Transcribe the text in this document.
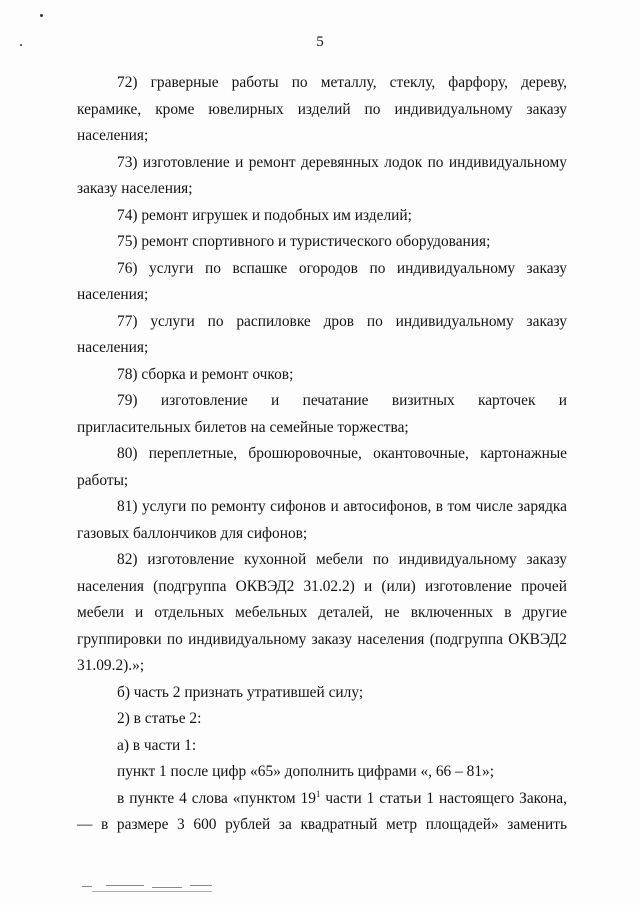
5

72) граверные работы по металлу, стеклу, фарфору, дереву, керамике, кроме ювелирных изделий по индивидуальному заказу населения;

73) изготовление и ремонт деревянных лодок по индивидуальному заказу населения;

74) ремонт игрушек и подобных им изделий;

75) ремонт спортивного и туристического оборудования;

76) услуги по вспашке огородов по индивидуальному заказу населения;

77) услуги по распиловке дров по индивидуальному заказу населения;

78) сборка и ремонт очков;

79) изготовление и печатание визитных карточек и пригласительных билетов на семейные торжества;

80) переплетные, брошюровочные, окантовочные, картонажные работы;

81) услуги по ремонту сифонов и автосифонов, в том числе зарядка газовых баллончиков для сифонов;

82) изготовление кухонной мебели по индивидуальному заказу населения (подгруппа ОКВЭД2 31.02.2) и (или) изготовление прочей мебели и отдельных мебельных деталей, не включенных в другие группировки по индивидуальному заказу населения (подгруппа ОКВЭД2 31.09.2).»;

б) часть 2 признать утратившей силу;

2) в статье 2:

а) в части 1:

пункт 1 после цифр «65» дополнить цифрами «, 66 – 81»;

в пункте 4 слова «пунктом $19^1$ части 1 статьи 1 настоящего Закона, — в размере 3 600 рублей за квадратный метр площадей» заменить
